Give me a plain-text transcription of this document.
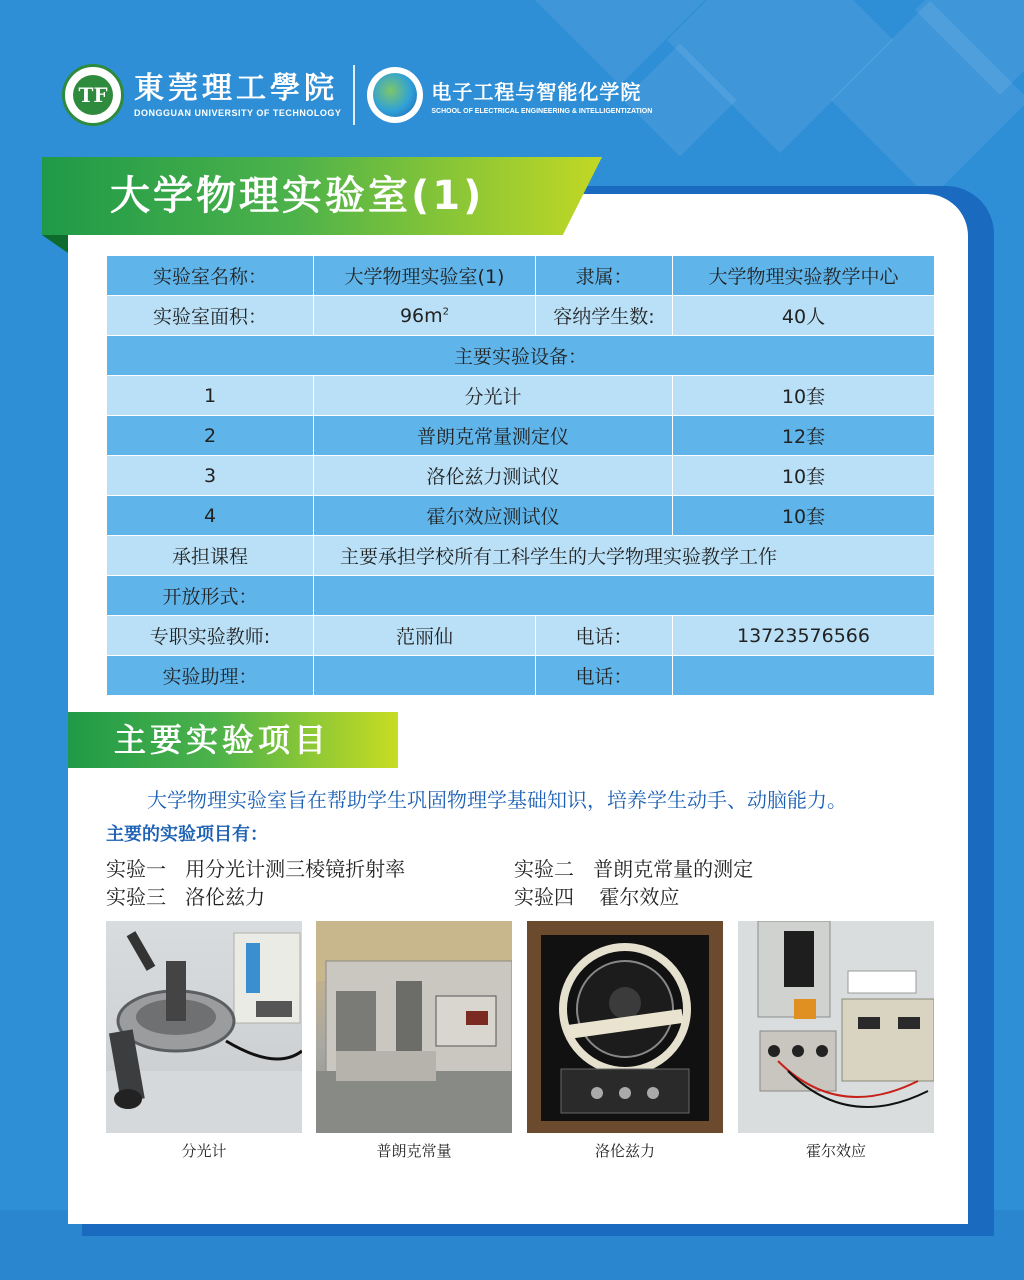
TF 東莞理工學院
DONGGUAN UNIVERSITY OF TECHNOLOGY
电子工程与智能化学院
SCHOOL OF ELECTRICAL ENGINEERING & INTELLIGENTIZATION
大学物理实验室(1)
实验室名称：	大学物理实验室(1)	隶属：	大学物理实验教学中心
实验室面积：	$96m^2$	容纳学生数:	40人
主要实验设备：			
1	分光计		10套
2	普朗克常量测定仪		12套
3	洛伦兹力测试仪		10套
4	霍尔效应测试仪		10套
承担课程	主要承担学校所有工科学生的大学物理实验教学工作		
开放形式：			
专职实验教师:	范丽仙	电话：	13723576566
实验助理：		电话：	
主要实验项目
大学物理实验室旨在帮助学生巩固物理学基础知识，培养学生动手、动脑能力。
主要的实验项目有：
实验一   用分光计测三棱镜折射率	实验二   普朗克常量的测定
实验三   洛伦兹力	实验四    霍尔效应
分光计	普朗克常量	洛伦兹力	霍尔效应
